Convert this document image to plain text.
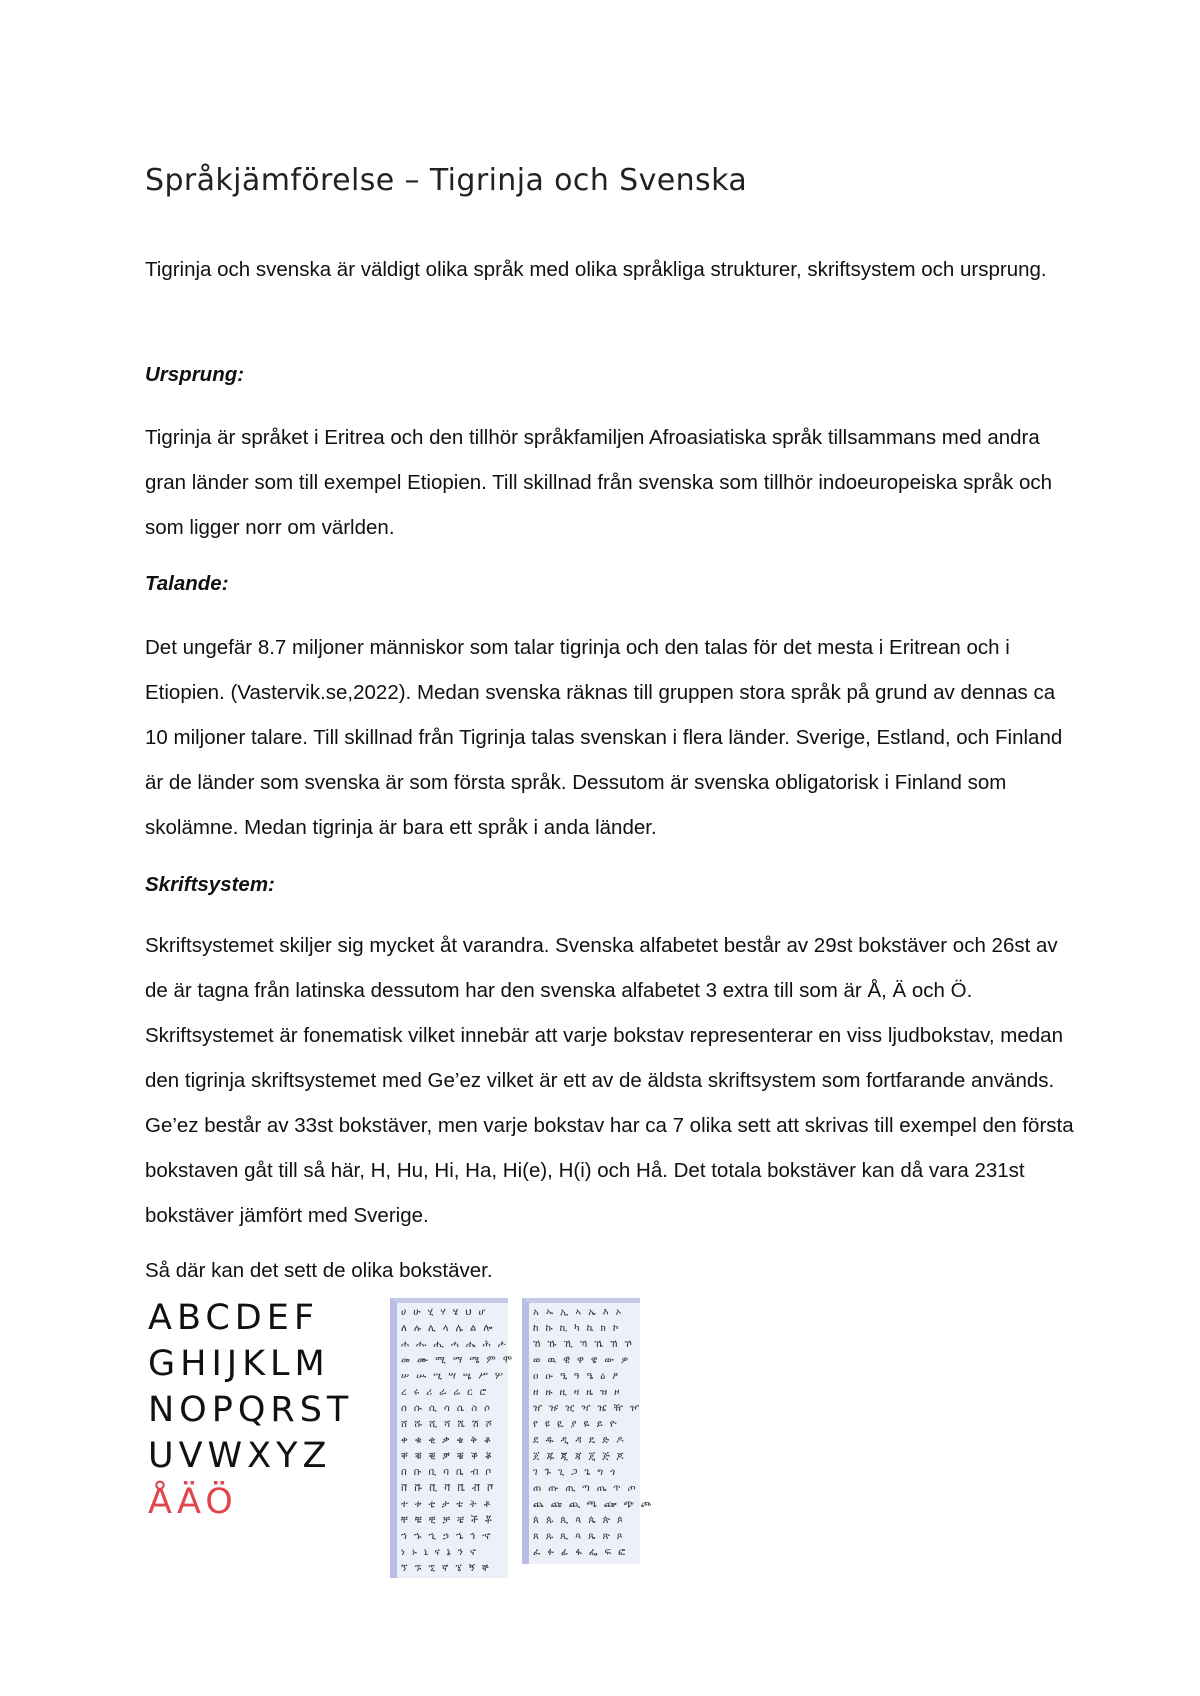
Språkjämförelse – Tigrinja och Svenska

Tigrinja och svenska är väldigt olika språk med olika språkliga strukturer, skriftsystem och ursprung.

Ursprung:

Tigrinja är språket i Eritrea och den tillhör språkfamiljen Afroasiatiska språk tillsammans med andra gran länder som till exempel Etiopien. Till skillnad från svenska som tillhör indoeuropeiska språk och som ligger norr om världen.

Talande:

Det ungefär 8.7 miljoner människor som talar tigrinja och den talas för det mesta i Eritrean och i Etiopien. (Vastervik.se,2022). Medan svenska räknas till gruppen stora språk på grund av dennas ca 10 miljoner talare. Till skillnad från Tigrinja talas svenskan i flera länder. Sverige, Estland, och Finland är de länder som svenska är som första språk. Dessutom är svenska obligatorisk i Finland som skolämne. Medan tigrinja är bara ett språk i anda länder.

Skriftsystem:

Skriftsystemet skiljer sig mycket åt varandra. Svenska alfabetet består av 29st bokstäver och 26st av de är tagna från latinska dessutom har den svenska alfabetet 3 extra till som är Å, Ä och Ö. Skriftsystemet är fonematisk vilket innebär att varje bokstav representerar en viss ljudbokstav, medan den tigrinja skriftsystemet med Ge’ez vilket är ett av de äldsta skriftsystem som fortfarande används. Ge’ez består av 33st bokstäver, men varje bokstav har ca 7 olika sett att skrivas till exempel den första bokstaven gåt till så här, H, Hu, Hi, Ha, Hi(e), H(i) och Hå. Det totala bokstäver kan då vara 231st bokstäver jämfört med Sverige.

Så där kan det sett de olika bokstäver.

ABCDEF
GHIJKLM
NOPQRST
UVWXYZ
ÅÄÖ
ሀሁሂሃሄህሆ
ለሉሊላሌልሎ
ሐሑሒሓሔሕሖ
መሙሚማሜምሞ
ሠሡሢሣሤሥሦ
ረሩሪራሬርሮ
ሰሱሲሳሴስሶ
ሸሹሺሻሼሽሾ
ቀቁቂቃቄቅቆ
ቐቑቒቓቔቕቖ
በቡቢባቤብቦ
ቨቩቪቫቬቭቮ
ተቱቲታቴትቶ
ቸቹቺቻቼችቾ
ኀኁኂኃኄኅኆ
ነኑኒናኔንኖ
ኘኙኚኛኜኝኞ
አኡኢኣኤእኦ
ከኩኪካኬክኮ
ኸኹኺኻኼኽኾ
ወዉዊዋዌውዎ
ዐዑዒዓዔዕዖ
ዘዙዚዛዜዝዞ
ዠዡዢዣዤዥዦ
የዩዪያዬይዮ
ደዱዲዳዴድዶ
ጀጁጂጃጄጅጆ
ገጉጊጋጌግጎ
ጠጡጢጣጤጥጦ
ጨጩጪጫጬጭጮ
ጰጱጲጳጴጵጶ
ጸጹጺጻጼጽጾ
ፈፉፊፋፌፍፎ
